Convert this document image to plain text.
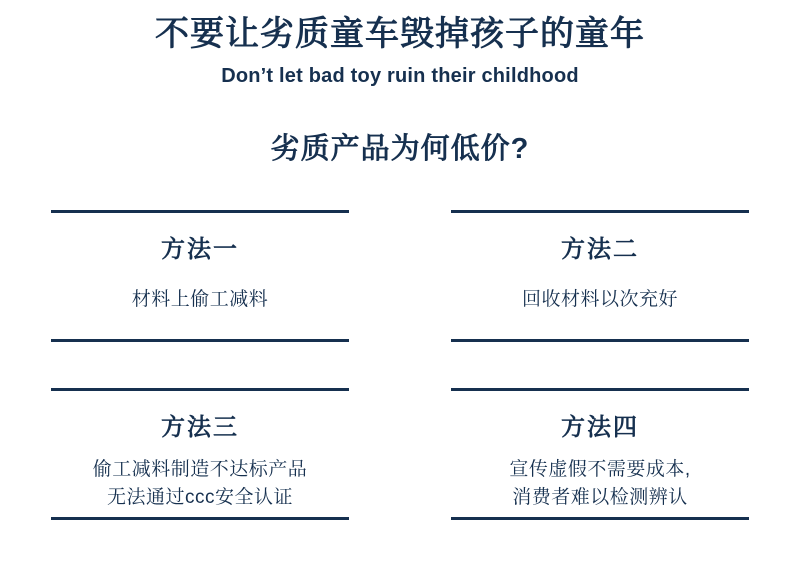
不要让劣质童车毁掉孩子的童年
Don’t let bad toy ruin their childhood
劣质产品为何低价?
方法一
材料上偷工减料
方法二
回收材料以次充好
方法三
偷工减料制造不达标产品
无法通过ccc安全认证
方法四
宣传虚假不需要成本,
消费者难以检测辨认
